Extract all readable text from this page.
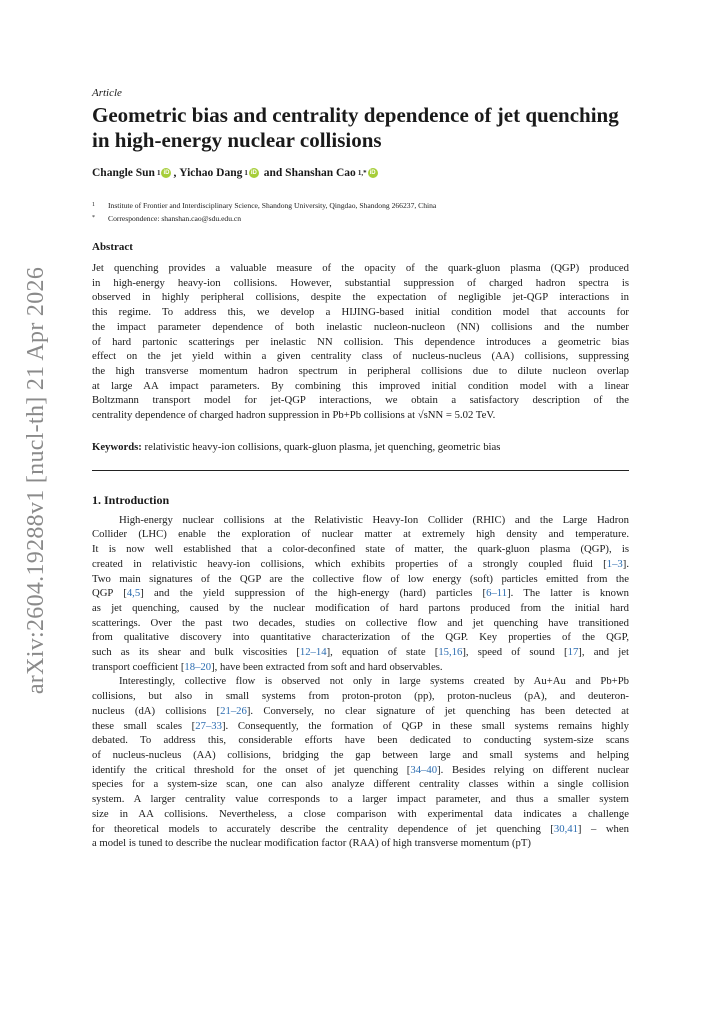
arXiv:2604.19288v1 [nucl-th] 21 Apr 2026
Article
Geometric bias and centrality dependence of jet quenching in high-energy nuclear collisions
Changle Sun 1 iD , Yichao Dang 1 iD and Shanshan Cao 1,* iD
1 Institute of Frontier and Interdisciplinary Science, Shandong University, Qingdao, Shandong 266237, China
* Correspondence: shanshan.cao@sdu.edu.cn
Abstract
Jet quenching provides a valuable measure of the opacity of the quark-gluon plasma (QGP) produced
in high-energy heavy-ion collisions. However, substantial suppression of charged hadron spectra is
observed in highly peripheral collisions, despite the expectation of negligible jet-QGP interactions in
this regime. To address this, we develop a HIJING-based initial condition model that accounts for
the impact parameter dependence of both inelastic nucleon-nucleon (NN) collisions and the number
of hard partonic scatterings per inelastic NN collision. This dependence introduces a geometric bias
effect on the jet yield within a given centrality class of nucleus-nucleus (AA) collisions, suppressing
the high transverse momentum hadron spectrum in peripheral collisions due to dilute nucleon overlap
at large AA impact parameters. By combining this improved initial condition model with a linear
Boltzmann transport model for jet-QGP interactions, we obtain a satisfactory description of the
centrality dependence of charged hadron suppression in Pb+Pb collisions at √sNN = 5.02 TeV.
Keywords: relativistic heavy-ion collisions, quark-gluon plasma, jet quenching, geometric bias
1. Introduction
High-energy nuclear collisions at the Relativistic Heavy-Ion Collider (RHIC) and the Large Hadron
Collider (LHC) enable the exploration of nuclear matter at extremely high density and temperature.
It is now well established that a color-deconfined state of matter, the quark-gluon plasma (QGP), is
created in relativistic heavy-ion collisions, which exhibits properties of a strongly coupled fluid [1–3].
Two main signatures of the QGP are the collective flow of low energy (soft) particles emitted from the
QGP [4,5] and the yield suppression of the high-energy (hard) particles [6–11]. The latter is known
as jet quenching, caused by the nuclear modification of hard partons produced from the initial hard
scatterings. Over the past two decades, studies on collective flow and jet quenching have transitioned
from qualitative discovery into quantitative characterization of the QGP. Key properties of the QGP,
such as its shear and bulk viscosities [12–14], equation of state [15,16], speed of sound [17], and jet
transport coefficient [18–20], have been extracted from soft and hard observables.
Interestingly, collective flow is observed not only in large systems created by Au+Au and Pb+Pb
collisions, but also in small systems from proton-proton (pp), proton-nucleus (pA), and deuteron-
nucleus (dA) collisions [21–26]. Conversely, no clear signature of jet quenching has been detected at
these small scales [27–33]. Consequently, the formation of QGP in these small systems remains highly
debated. To address this, considerable efforts have been dedicated to conducting system-size scans
of nucleus-nucleus (AA) collisions, bridging the gap between large and small systems and helping
identify the critical threshold for the onset of jet quenching [34–40]. Besides relying on different nuclear
species for a system-size scan, one can also analyze different centrality classes within a single collision
system. A larger centrality value corresponds to a larger impact parameter, and thus a smaller system
size in AA collisions. Nevertheless, a close comparison with experimental data indicates a challenge
for theoretical models to accurately describe the centrality dependence of jet quenching [30,41] – when
a model is tuned to describe the nuclear modification factor (RAA) of high transverse momentum (pT)
